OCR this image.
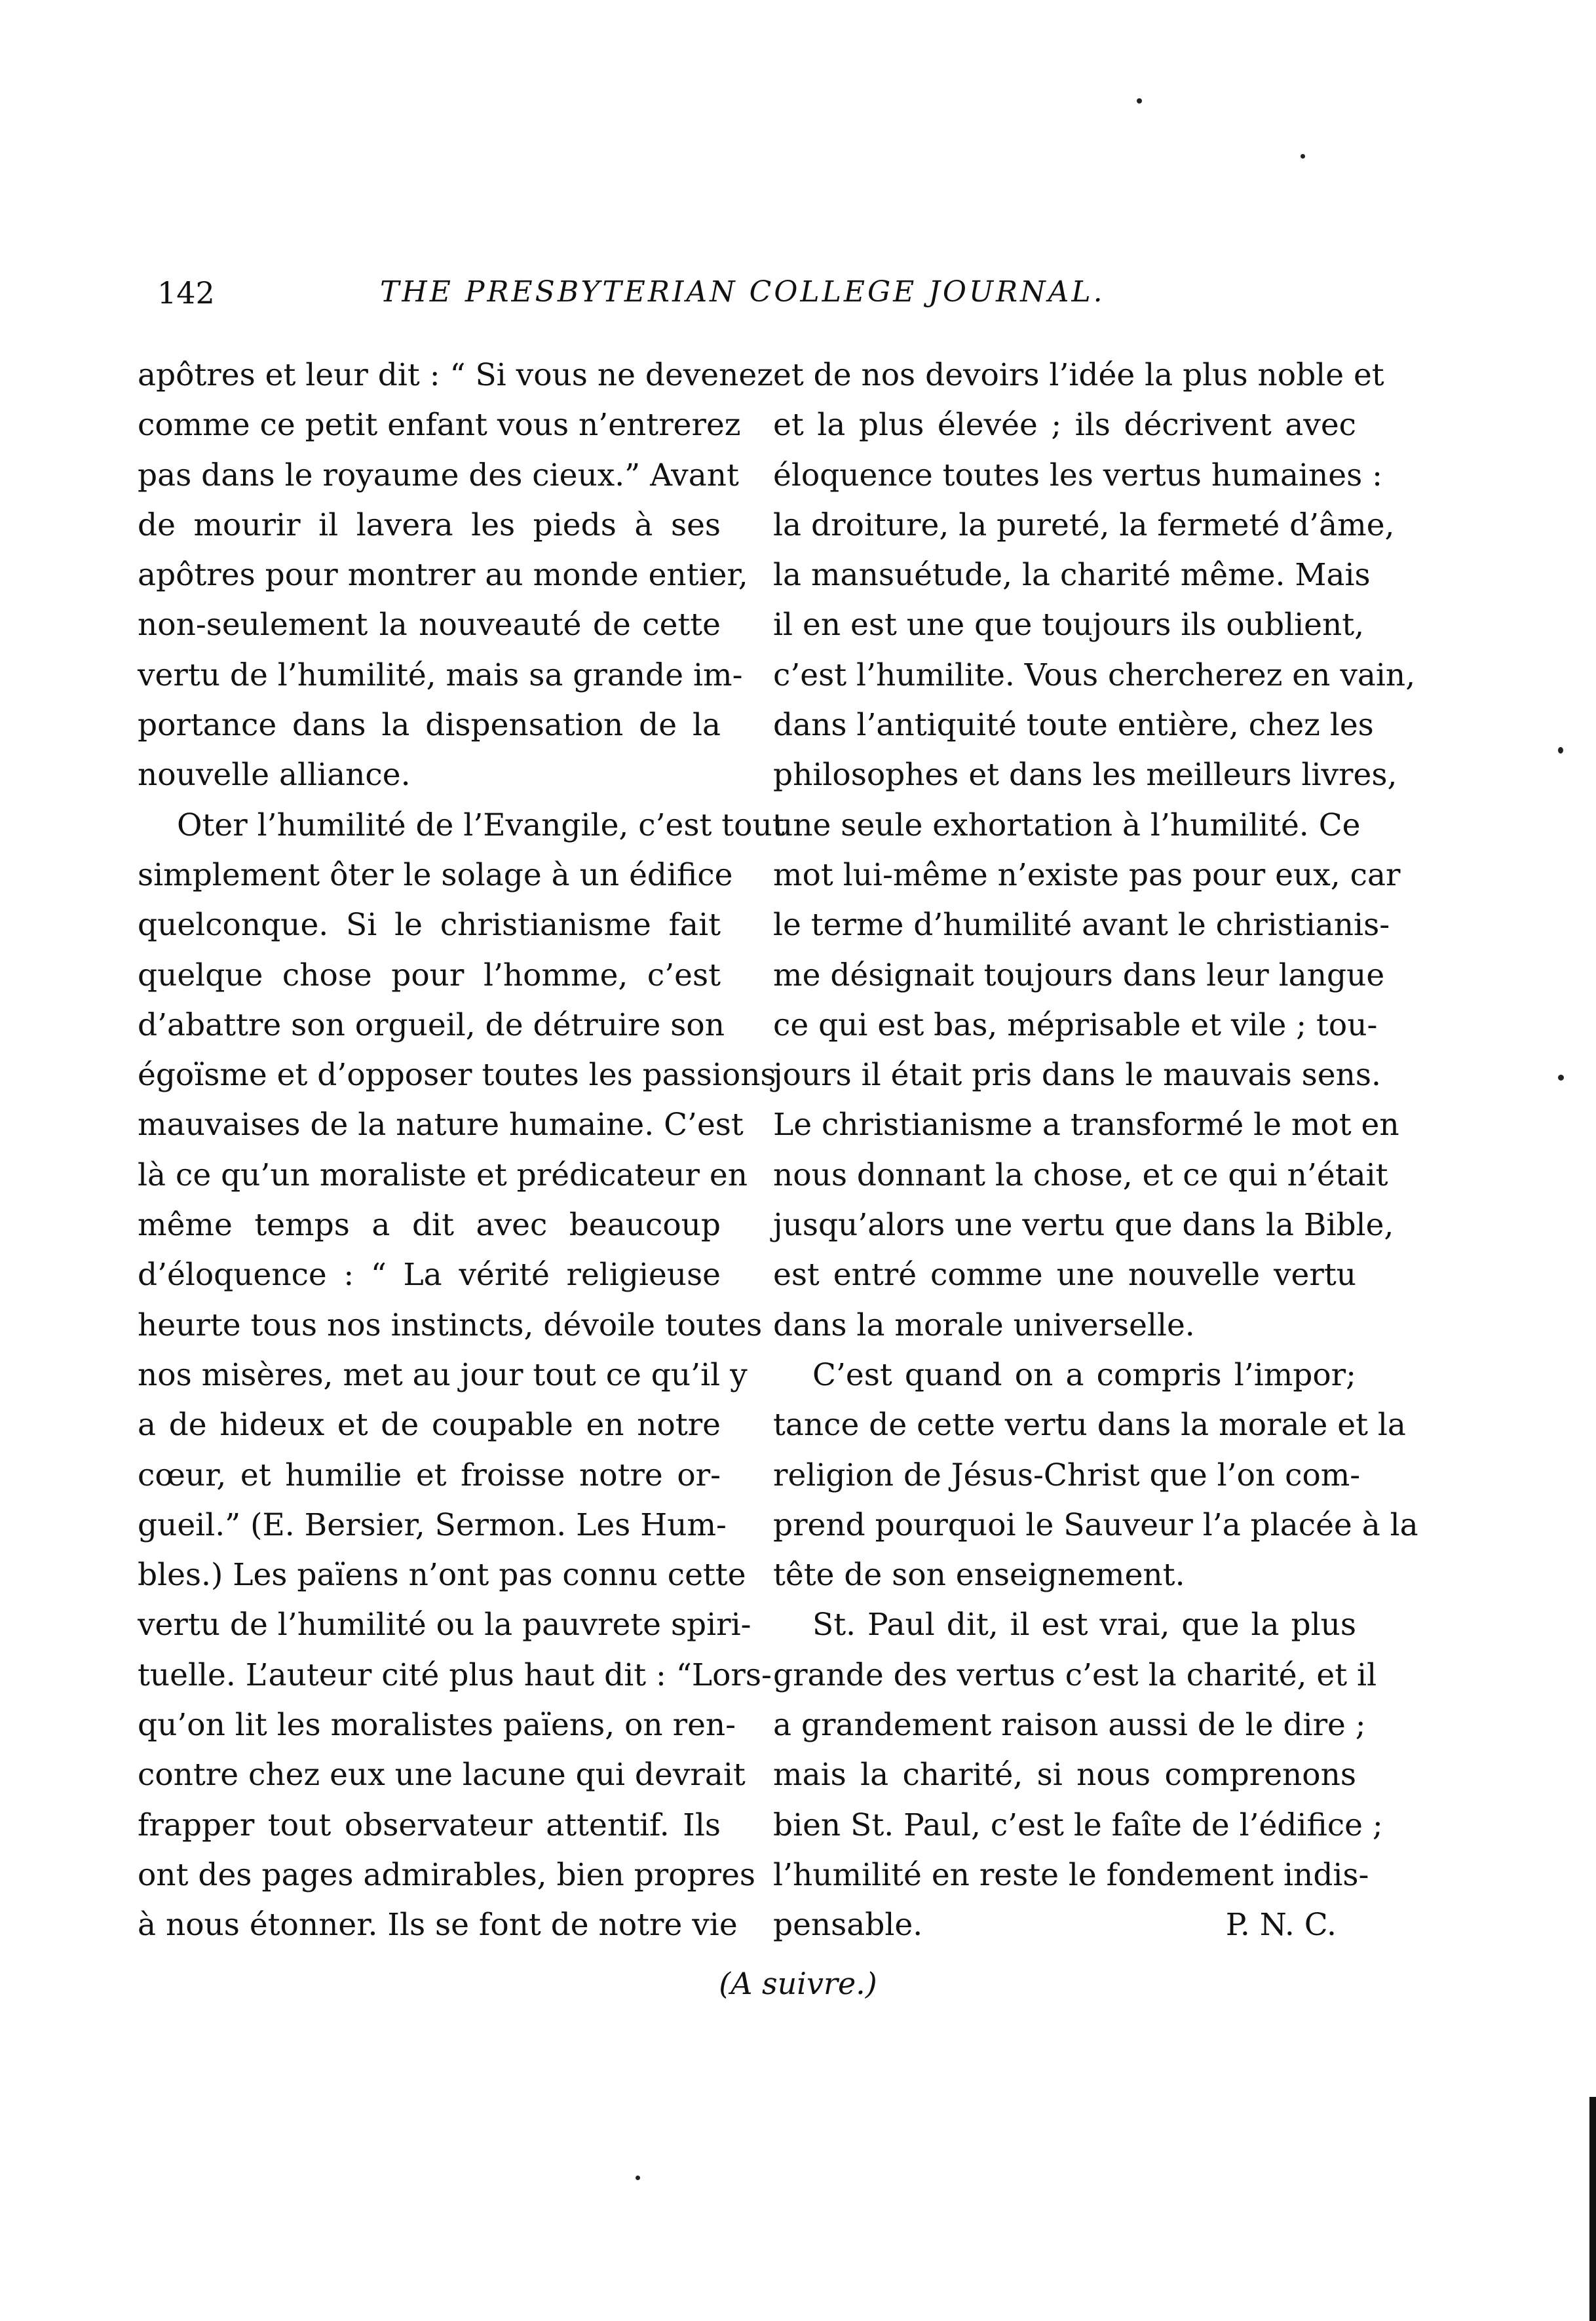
142	THE PRESBYTERIAN COLLEGE JOURNAL.
apôtres et leur dit : “ Si vous ne devenez
comme ce petit enfant vous n’entrerez
pas dans le royaume des cieux.” Avant
de mourir il lavera les pieds à ses
apôtres pour montrer au monde entier,
non-seulement la nouveauté de cette
vertu de l’humilité, mais sa grande im-
portance dans la dispensation de la
nouvelle alliance.
Oter l’humilité de l’Evangile, c’est tout
simplement ôter le solage à un édifice
quelconque. Si le christianisme fait
quelque chose pour l’homme, c’est
d’abattre son orgueil, de détruire son
égoïsme et d’opposer toutes les passions
mauvaises de la nature humaine. C’est
là ce qu’un moraliste et prédicateur en
même temps a dit avec beaucoup
d’éloquence : “ La vérité religieuse
heurte tous nos instincts, dévoile toutes
nos misères, met au jour tout ce qu’il y
a de hideux et de coupable en notre
cœur, et humilie et froisse notre or-
gueil.” (E. Bersier, Sermon. Les Hum-
bles.) Les païens n’ont pas connu cette
vertu de l’humilité ou la pauvrete spiri-
tuelle. L’auteur cité plus haut dit : “Lors-
qu’on lit les moralistes païens, on ren-
contre chez eux une lacune qui devrait
frapper tout observateur attentif. Ils
ont des pages admirables, bien propres
à nous étonner. Ils se font de notre vie
et de nos devoirs l’idée la plus noble et
et la plus élevée ; ils décrivent avec
éloquence toutes les vertus humaines :
la droiture, la pureté, la fermeté d’âme,
la mansuétude, la charité même. Mais
il en est une que toujours ils oublient,
c’est l’humilite. Vous chercherez en vain,
dans l’antiquité toute entière, chez les
philosophes et dans les meilleurs livres,
une seule exhortation à l’humilité. Ce
mot lui-même n’existe pas pour eux, car
le terme d’humilité avant le christianis-
me désignait toujours dans leur langue
ce qui est bas, méprisable et vile ; tou-
jours il était pris dans le mauvais sens.
Le christianisme a transformé le mot en
nous donnant la chose, et ce qui n’était
jusqu’alors une vertu que dans la Bible,
est entré comme une nouvelle vertu
dans la morale universelle.
C’est quand on a compris l’impor;
tance de cette vertu dans la morale et la
religion de Jésus-Christ que l’on com-
prend pourquoi le Sauveur l’a placée à la
tête de son enseignement.
St. Paul dit, il est vrai, que la plus
grande des vertus c’est la charité, et il
a grandement raison aussi de le dire ;
mais la charité, si nous comprenons
bien St. Paul, c’est le faîte de l’édifice ;
l’humilité en reste le fondement indis-
pensable.	P. N. C.
(A suivre.)
